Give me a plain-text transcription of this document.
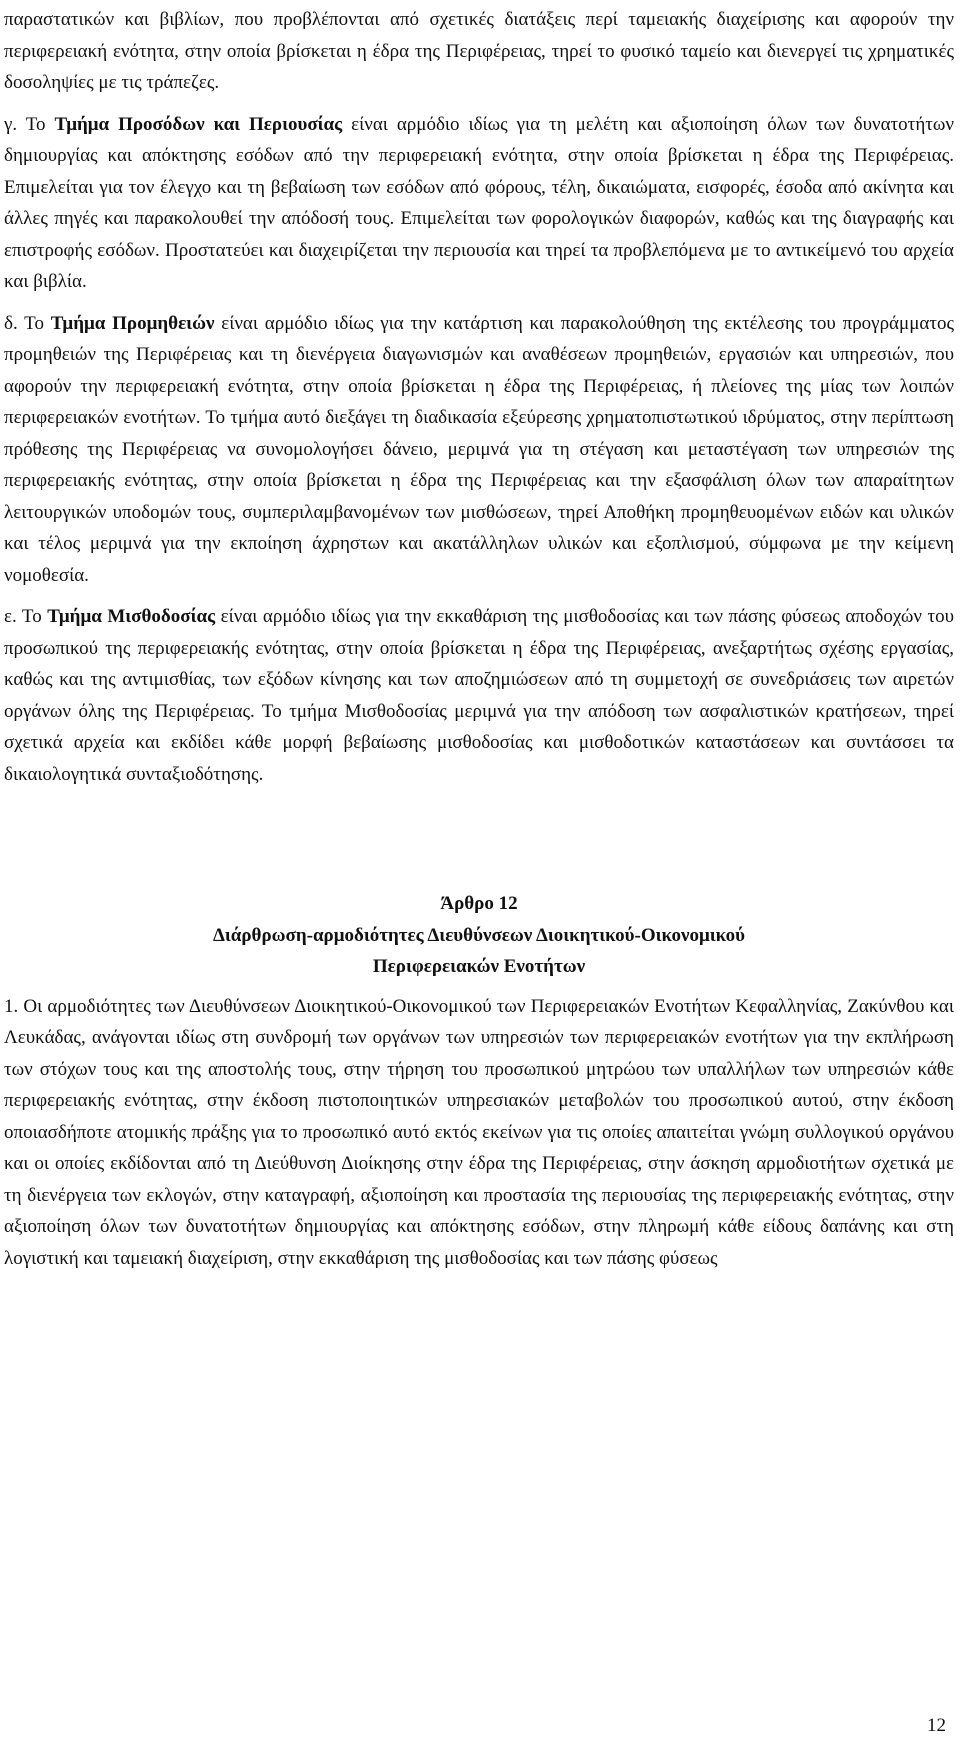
παραστατικών και βιβλίων, που προβλέπονται από σχετικές διατάξεις περί ταμειακής διαχείρισης και αφορούν την περιφερειακή ενότητα, στην οποία βρίσκεται η έδρα της Περιφέρειας, τηρεί το φυσικό ταμείο και διενεργεί τις χρηματικές δοσοληψίες με τις τράπεζες.

γ. Το Τμήμα Προσόδων και Περιουσίας είναι αρμόδιο ιδίως για τη μελέτη και αξιοποίηση όλων των δυνατοτήτων δημιουργίας και απόκτησης εσόδων από την περιφερειακή ενότητα, στην οποία βρίσκεται η έδρα της Περιφέρειας. Επιμελείται για τον έλεγχο και τη βεβαίωση των εσόδων από φόρους, τέλη, δικαιώματα, εισφορές, έσοδα από ακίνητα και άλλες πηγές και παρακολουθεί την απόδοσή τους. Επιμελείται των φορολογικών διαφορών, καθώς και της διαγραφής και επιστροφής εσόδων. Προστατεύει και διαχειρίζεται την περιουσία και τηρεί τα προβλεπόμενα με το αντικείμενό του αρχεία και βιβλία.

δ. Το Τμήμα Προμηθειών είναι αρμόδιο ιδίως για την κατάρτιση και παρακολούθηση της εκτέλεσης του προγράμματος προμηθειών της Περιφέρειας και τη διενέργεια διαγωνισμών και αναθέσεων προμηθειών, εργασιών και υπηρεσιών, που αφορούν την περιφερειακή ενότητα, στην οποία βρίσκεται η έδρα της Περιφέρειας, ή πλείονες της μίας των λοιπών περιφερειακών ενοτήτων. Το τμήμα αυτό διεξάγει τη διαδικασία εξεύρεσης χρηματοπιστωτικού ιδρύματος, στην περίπτωση πρόθεσης της Περιφέρειας να συνομολογήσει δάνειο, μεριμνά για τη στέγαση και μεταστέγαση των υπηρεσιών της περιφερειακής ενότητας, στην οποία βρίσκεται η έδρα της Περιφέρειας και την εξασφάλιση όλων των απαραίτητων λειτουργικών υποδομών τους, συμπεριλαμβανομένων των μισθώσεων, τηρεί Αποθήκη προμηθευομένων ειδών και υλικών και τέλος μεριμνά για την εκποίηση άχρηστων και ακατάλληλων υλικών και εξοπλισμού, σύμφωνα με την κείμενη νομοθεσία.

ε. Το Τμήμα Μισθοδοσίας είναι αρμόδιο ιδίως για την εκκαθάριση της μισθοδοσίας και των πάσης φύσεως αποδοχών του προσωπικού της περιφερειακής ενότητας, στην οποία βρίσκεται η έδρα της Περιφέρειας, ανεξαρτήτως σχέσης εργασίας, καθώς και της αντιμισθίας, των εξόδων κίνησης και των αποζημιώσεων από τη συμμετοχή σε συνεδριάσεις των αιρετών οργάνων όλης της Περιφέρειας. Το τμήμα Μισθοδοσίας μεριμνά για την απόδοση των ασφαλιστικών κρατήσεων, τηρεί σχετικά αρχεία και εκδίδει κάθε μορφή βεβαίωσης μισθοδοσίας και μισθοδοτικών καταστάσεων και συντάσσει τα δικαιολογητικά συνταξιοδότησης.

Άρθρο 12

Διάρθρωση-αρμοδιότητες Διευθύνσεων Διοικητικού-Οικονομικού

Περιφερειακών Ενοτήτων

1. Οι αρμοδιότητες των Διευθύνσεων Διοικητικού-Οικονομικού των Περιφερειακών Ενοτήτων Κεφαλληνίας, Ζακύνθου και Λευκάδας, ανάγονται ιδίως στη συνδρομή των οργάνων των υπηρεσιών των περιφερειακών ενοτήτων για την εκπλήρωση των στόχων τους και της αποστολής τους, στην τήρηση του προσωπικού μητρώου των υπαλλήλων των υπηρεσιών κάθε περιφερειακής ενότητας, στην έκδοση πιστοποιητικών υπηρεσιακών μεταβολών του προσωπικού αυτού, στην έκδοση οποιασδήποτε ατομικής πράξης για το προσωπικό αυτό εκτός εκείνων για τις οποίες απαιτείται γνώμη συλλογικού οργάνου και οι οποίες εκδίδονται από τη Διεύθυνση Διοίκησης στην έδρα της Περιφέρειας, στην άσκηση αρμοδιοτήτων σχετικά με τη διενέργεια των εκλογών, στην καταγραφή, αξιοποίηση και προστασία της περιουσίας της περιφερειακής ενότητας, στην αξιοποίηση όλων των δυνατοτήτων δημιουργίας και απόκτησης εσόδων, στην πληρωμή κάθε είδους δαπάνης και στη λογιστική και ταμειακή διαχείριση, στην εκκαθάριση της μισθοδοσίας και των πάσης φύσεως

12
